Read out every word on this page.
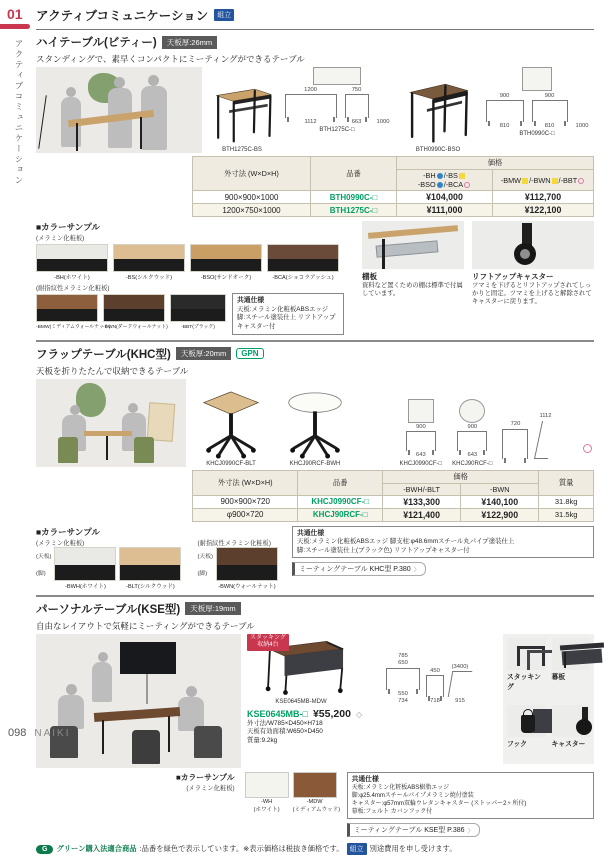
01
アクティブコミュニケーション
アクティブコミュニケーション	組立
ハイテーブル(ビティー)	天板厚:26mm
スタンディングで、素早くコンパクトにミーティングができるテーブル
BTH1275C-BS
1200
1112
750
663	1000
BTH1275C-□
BTH0990C-BSO
900
810
900
810	1000
BTH0990C-□
外寸法 (W×D×H)	品番	価格	
		-BH /-BS
-BSO /-BCA	-BMW /-BWN /-BBT
900×900×1000	BTH0990C-□	¥104,000	¥112,700
1200×750×1000	BTH1275C-□	¥111,000	¥122,100
■カラーサンプル
(メラミン化粧板)
-BH(ホワイト)	-BS(シルクウッド)	-BSO(サンドオーク)	-BCA(ショコラアッシュ)
(耐指紋性メラミン化粧板)
-BMW(ミディアムウォールナット)
-BWN(ダークウォールナット)	-BBT(ブラック)
共通仕様
天板:メラミン化粧板ABSエッジ
脚:スチール塗装仕上 リフトアップキャスター付
棚板
資料など置くための棚は標準で付属しています。
リフトアップキャスター
ツマミを下げるとリフトアップされてしっかりと固定。ツマミを上げると解除されてキャスターに戻ります。
フラップテーブル(KHC型)	天板厚:20mm	GPN
天板を折りたたんで収納できるテーブル
KHCJ0990CF-BLT	KHCJ90RCF-BWH
900
643
KHCJ0990CF-□
900
643
KHCJ90RCF-□
720

1112

外寸法 (W×D×H)	品番	価格		質量
		-BWH/-BLT	-BWN	
900×900×720	KHCJ0990CF-□	¥133,300	¥140,100	31.8kg
φ900×720	KHCJ90RCF-□	¥121,400	¥122,900	31.5kg
■カラーサンプル
(メラミン化粧板)
(天板)
(脚)
-BWH(ホワイト)	-BLT(シルクウッド)
(耐指紋性メラミン化粧板)
(天板)
(脚)
-BWN(ウォールナット)
共通仕様
天板:メラミン化粧板ABSエッジ 脚支柱:φ48.6mmスチール丸パイプ塗装仕上
脚:スチール塗装仕上(ブラック色) リフトアップキャスター付
ミーティングテーブル KHC型 P.380 〉
パーソナルテーブル(KSE型)	天板厚:19mm
自由なレイアウトで気軽にミーティングができるテーブル
スタッキング
収納4台
KSE0645MB-MDW
785
650
550
734
450
718
(3400)
915
KSE0645MB-□ ¥55,200 ◇
外寸法/W785×D450×H718
天板有効面積:W650×D450
質量:9.2kg
スタッキング
幕板
フック	キャスター
■カラーサンプル
(メラミン化粧板)
-WH
(ホワイト)
-MDW
(ミディアムウッド)
共通仕様
天板:メラミン化粧板ABS樹脂エッジ
脚:φ25.4mmスチールパイプメラミン焼付塗装
キャスター:φ57mm双輪ウレタンキャスター (ストッパー2ヶ所付)
幕板:フェルト カバンフック付
ミーティングテーブル KSE型 P.386 〉
G	グリーン購入法適合商品 :品番を緑色で表示しています。※表示価格は税抜き価格です。 組立 別途費用を申し受けます。
098 NAIKI
